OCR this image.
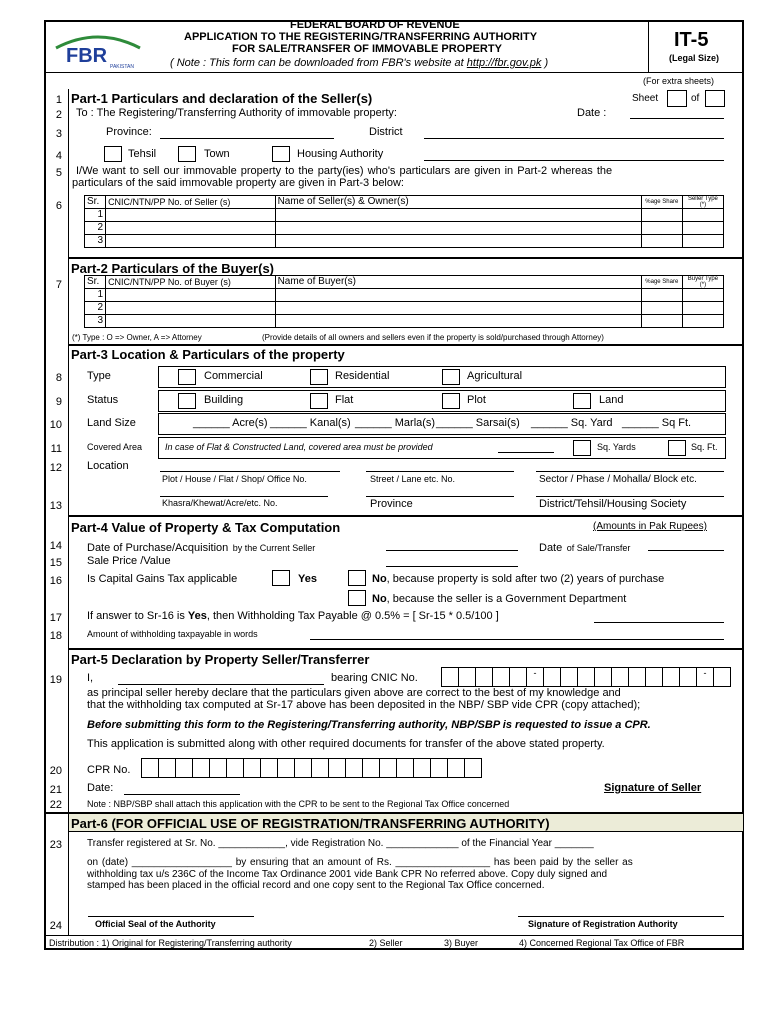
FBR PAKISTAN
FEDERAL BOARD OF REVENUE
APPLICATION TO THE REGISTERING/TRANSFERRING AUTHORITY
FOR SALE/TRANSFER OF IMMOVABLE PROPERTY
( Note : This form can be downloaded from FBR's website at http://fbr.gov.pk )
IT-5
(Legal Size)
(For extra sheets)
Sheet	of
1 Part-1 Particulars and declaration of the Seller(s)
2 To : The Registering/Transferring Authority of immovable property:	Date :
3	Province:	District
4	Tehsil	Town	Housing Authority
5 I/We want to sell our immovable property to the party(ies) who's particulars are given in Part-2 whereas the
particulars of the said immovable property are given in Part-3 below:
6	Sr.	CNIC/NTN/PP No. of Seller (s)	Name of Seller(s) & Owner(s)	%age Share	Seller Type (*)
1				
2				
3				
Part-2 Particulars of the Buyer(s)
7	Sr.	CNIC/NTN/PP No. of Buyer (s)	Name of Buyer(s)	%age Share	Buyer Type (*)
1				
2				
3				
(*) Type : O => Owner, A => Attorney	(Provide details of all owners and sellers even if the property is sold/purchased through Attorney)
Part-3 Location & Particulars of the property
8 Type	Commercial	Residential	Agricultural
9 Status	Building	Flat	Plot	Land
10 Land Size	______ Acre(s) ______ Kanal(s) ______ Marla(s) ______ Sarsai(s) ______ Sq. Yard ______ Sq Ft.
11	Covered Area	In case of Flat & Constructed Land, covered area must be provided	Sq. Yards	Sq. Ft.
12 Location
Plot / House / Flat / Shop/ Office No.	Street / Lane etc. No.	Sector / Phase / Mohalla/ Block etc.
13	Khasra/Khewat/Acre/etc. No.	Province	District/Tehsil/Housing Society
Part-4 Value of Property & Tax Computation	(Amounts in Pak Rupees)
14 Date of Purchase/Acquisition by the Current Seller	Date of Sale/Transfer
15 Sale Price /Value
16 Is Capital Gains Tax applicable	Yes	No, because property is sold after two (2) years of purchase
No, because the seller is a Government Department
17 If answer to Sr-16 is Yes, then Withholding Tax Payable @ 0.5% = [ Sr-15 * 0.5/100 ]
18	Amount of withholding taxpayable in words
Part-5 Declaration by Property Seller/Transferrer
19 I,	bearing CNIC No.	-	-
as principal seller hereby declare that the particulars given above are correct to the best of my knowledge and
that the withholding tax computed at Sr-17 above has been deposited in the NBP/ SBP vide CPR (copy attached);
Before submitting this form to the Registering/Transferring authority, NBP/SBP is requested to issue a CPR.
This application is submitted along with other required documents for transfer of the above stated property.
20 CPR No.
21 Date:	Signature of Seller
22	Note : NBP/SBP shall attach this application with the CPR to be sent to the Regional Tax Office concerned
Part-6 (FOR OFFICIAL USE OF REGISTRATION/TRANSFERRING AUTHORITY)
23	Transfer registered at Sr. No. ____________, vide Registration No. _____________ of the Financial Year _______
on (date) __________________ by ensuring that an amount of Rs. _________________ has been paid by the seller as
withholding tax u/s 236C of the Income Tax Ordinance 2001 vide Bank CPR No referred above. Copy duly signed and
stamped has been placed in the official record and one copy sent to the Regional Tax Office concerned.
24	Official Seal of the Authority	Signature of Registration Authority
Distribution : 1) Original for Registering/Transferring authority	2) Seller	3) Buyer	4) Concerned Regional Tax Office of FBR
